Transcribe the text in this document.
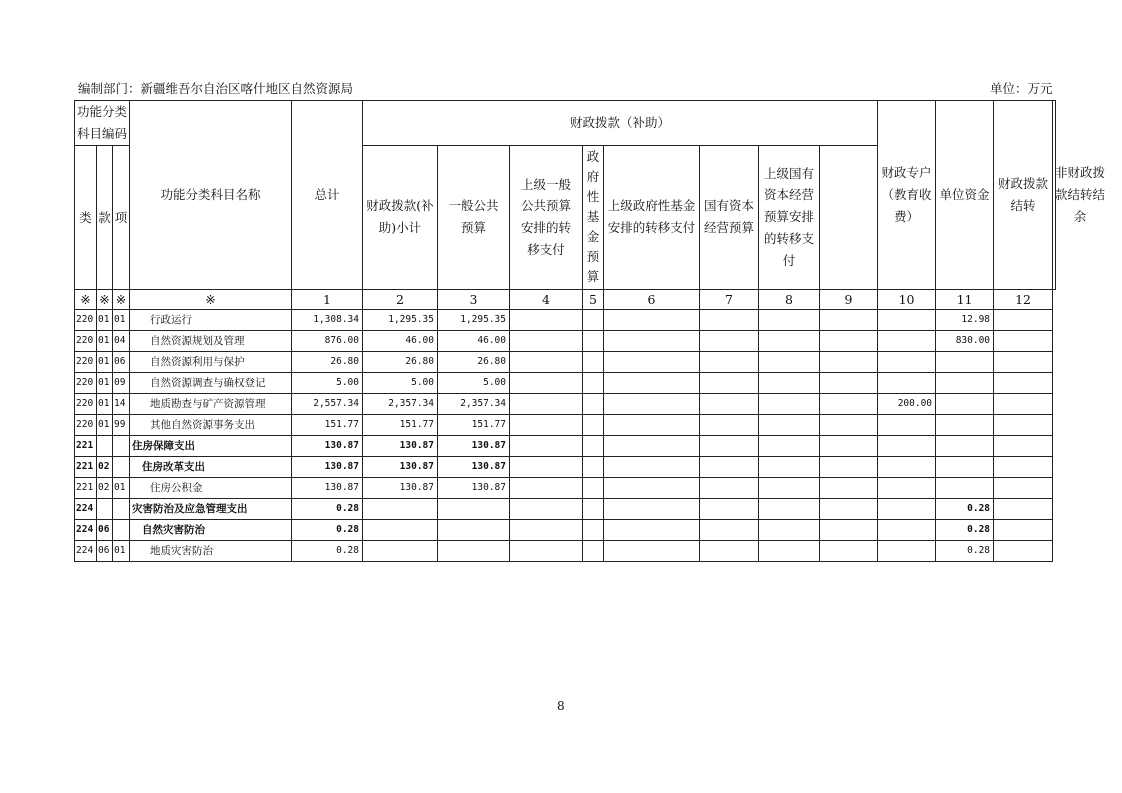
编制部门：新疆维吾尔自治区喀什地区自然资源局	单位：万元
功能分类科目编码			功能分类科目名称	总计	财政拨款（补助）								财政专户（教育收费）	单位资金	财政拨款结转	非财政拨款结转结余
类	款	项			财政拨款(补助)小计	一般公共预算	上级一般公共预算安排的转移支付	政府性基金预算	上级政府性基金安排的转移支付	国有资本经营预算	上级国有资本经营预算安排的转移支付					
※	※	※	※	1	2	3	4	5	6	7	8	9	10	11	12	
220	01	01	行政运行	1,308.34	1,295.35	1,295.35								12.98		
220	01	04	自然资源规划及管理	876.00	46.00	46.00								830.00		
220	01	06	自然资源利用与保护	26.80	26.80	26.80										
220	01	09	自然资源调查与确权登记	5.00	5.00	5.00										
220	01	14	地质勘查与矿产资源管理	2,557.34	2,357.34	2,357.34							200.00			
220	01	99	其他自然资源事务支出	151.77	151.77	151.77										
221			住房保障支出	130.87	130.87	130.87										
221	02		住房改革支出	130.87	130.87	130.87										
221	02	01	住房公积金	130.87	130.87	130.87										
224			灾害防治及应急管理支出	0.28										0.28		
224	06		自然灾害防治	0.28										0.28		
224	06	01	地质灾害防治	0.28										0.28		
8
